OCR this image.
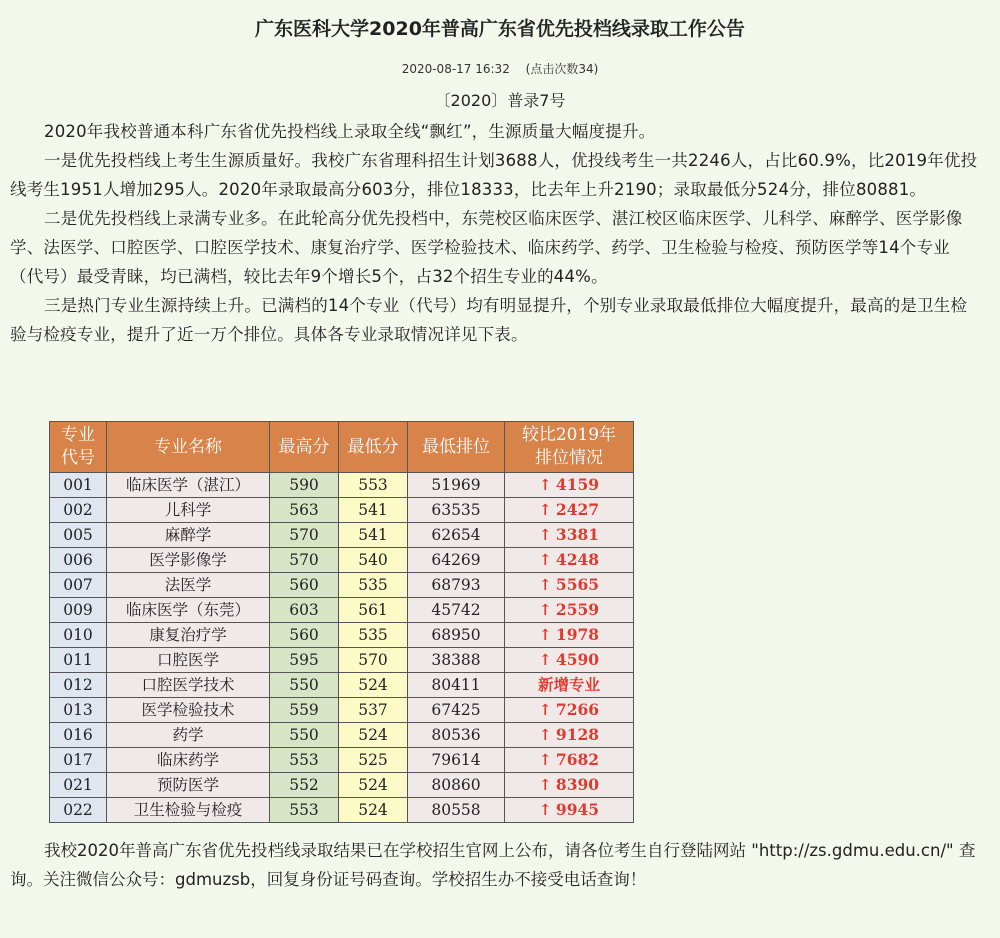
广东医科大学2020年普高广东省优先投档线录取工作公告
2020-08-17 16:32 (点击次数34)
〔2020〕普录7号

2020年我校普通本科广东省优先投档线上录取全线“飘红”，生源质量大幅度提升。

一是优先投档线上考生生源质量好。我校广东省理科招生计划3688人，优投线考生一共2246人，占比60.9%，比2019年优投线考生1951人增加295人。2020年录取最高分603分，排位18333，比去年上升2190；录取最低分524分，排位80881。

二是优先投档线上录满专业多。在此轮高分优先投档中，东莞校区临床医学、湛江校区临床医学、儿科学、麻醉学、医学影像学、法医学、口腔医学、口腔医学技术、康复治疗学、医学检验技术、临床药学、药学、卫生检验与检疫、预防医学等14个专业（代号）最受青睐，均已满档，较比去年9个增长5个，占32个招生专业的44%。

三是热门专业生源持续上升。已满档的14个专业（代号）均有明显提升，个别专业录取最低排位大幅度提升，最高的是卫生检验与检疫专业，提升了近一万个排位。具体各专业录取情况详见下表。

专业
代号	专业名称	最高分	最低分	最低排位	较比2019年
排位情况
001	临床医学（湛江）	590	553	51969	↑ 4159
002	儿科学	563	541	63535	↑ 2427
005	麻醉学	570	541	62654	↑ 3381
006	医学影像学	570	540	64269	↑ 4248
007	法医学	560	535	68793	↑ 5565
009	临床医学（东莞）	603	561	45742	↑ 2559
010	康复治疗学	560	535	68950	↑ 1978
011	口腔医学	595	570	38388	↑ 4590
012	口腔医学技术	550	524	80411	新增专业
013	医学检验技术	559	537	67425	↑ 7266
016	药学	550	524	80536	↑ 9128
017	临床药学	553	525	79614	↑ 7682
021	预防医学	552	524	80860	↑ 8390
022	卫生检验与检疫	553	524	80558	↑ 9945

我校2020年普高广东省优先投档线录取结果已在学校招生官网上公布，请各位考生自行登陆网站 "http://zs.gdmu.edu.cn/" 查询。关注微信公众号：gdmuzsb，回复身份证号码查询。学校招生办不接受电话查询！
